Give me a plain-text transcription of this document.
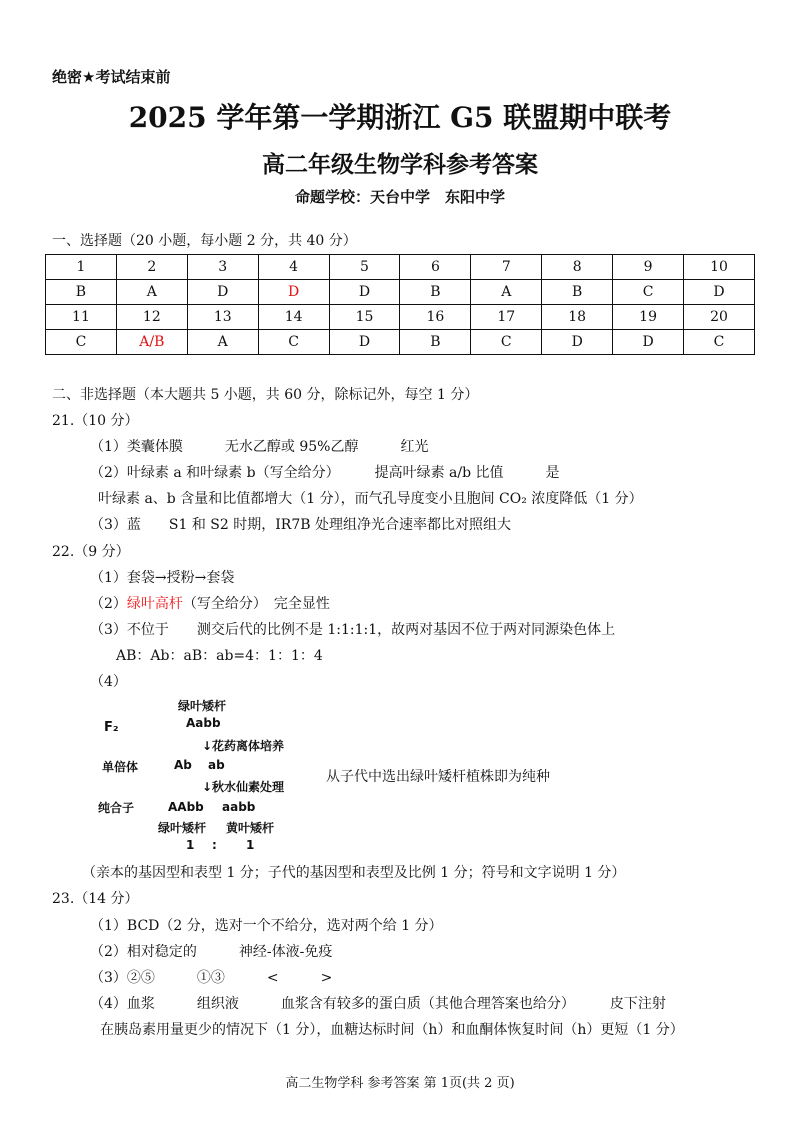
绝密★考试结束前
2025 学年第一学期浙江 G5 联盟期中联考
高二年级生物学科参考答案
命题学校：天台中学　东阳中学
一、选择题（20 小题，每小题 2 分，共 40 分）
1	2	3	4	5	6	7	8	9	10
B	A	D	D	D	B	A	B	C	D
11	12	13	14	15	16	17	18	19	20
C	A/B	A	C	D	B	C	D	D	C
二、非选择题（本大题共 5 小题，共 60 分，除标记外，每空 1 分）
21.（10 分）
（1）类囊体膜　　　无水乙醇或 95%乙醇　　　红光
（2）叶绿素 a 和叶绿素 b（写全给分）　　　提高叶绿素 a/b 比值　　　是
叶绿素 a、b 含量和比值都增大（1 分），而气孔导度变小且胞间 CO₂ 浓度降低（1 分）
（3）蓝　　S1 和 S2 时期，IR7B 处理组净光合速率都比对照组大
22.（9 分）
（1）套袋→授粉→套袋
（2）绿叶高杆（写全给分）　完全显性
（3）不位于　　测交后代的比例不是 1:1:1:1，故两对基因不位于两对同源染色体上
AB：Ab：aB：ab=4：1：1：4
（4）
绿叶矮杆
F₂	Aabb
↓花药离体培养
单倍体	Ab ab
↓秋水仙素处理
纯合子	AAbb aabb
绿叶矮杆 黄叶矮杆
1 : 1
从子代中选出绿叶矮杆植株即为纯种
（亲本的基因型和表型 1 分；子代的基因型和表型及比例 1 分；符号和文字说明 1 分）
23.（14 分）
（1）BCD（2 分，选对一个不给分，选对两个给 1 分）
（2）相对稳定的　　　神经-体液-免疫
（3）②⑤　　　①③　　　<　　　>
（4）血浆　　　组织液　　　血浆含有较多的蛋白质（其他合理答案也给分）　　　皮下注射
在胰岛素用量更少的情况下（1 分），血糖达标时间（h）和血酮体恢复时间（h）更短（1 分）
高二生物学科 参考答案 第 1页(共 2 页)
